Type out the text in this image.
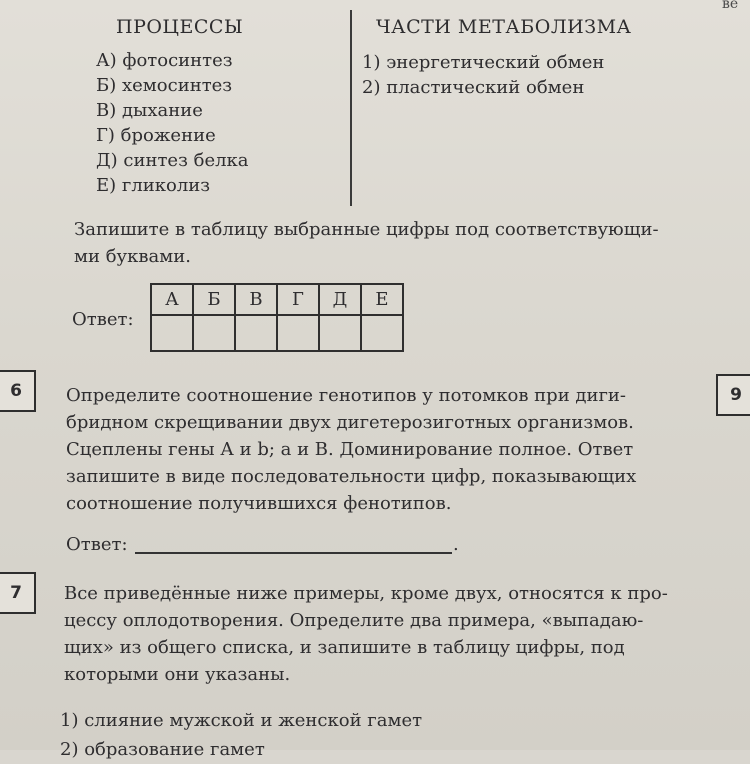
ве
ПРОЦЕССЫ	ЧАСТИ МЕТАБОЛИЗМА
А) фотосинтез
Б) хемосинтез
В) дыхание
Г) брожение
Д) синтез белка
Е) гликолиз
1) энергетический обмен
2) пластический обмен
Запишите в таблицу выбранные цифры под соответствующи-
ми буквами.
Ответ:
А	Б	В	Г	Д	Е

6	9
Определите соотношение генотипов у потомков при диги-
бридном скрещивании двух дигетерозиготных организмов.
Сцеплены гены А и b; а и В. Доминирование полное. Ответ
запишите в виде последовательности цифр, показывающих
соотношение получившихся фенотипов.
Ответ:	.
7	Все приведённые ниже примеры, кроме двух, относятся к про-
цессу оплодотворения. Определите два примера, «выпадаю-
щих» из общего списка, и запишите в таблицу цифры, под
которыми они указаны.
1) слияние мужской и женской гамет
2) образование гамет
